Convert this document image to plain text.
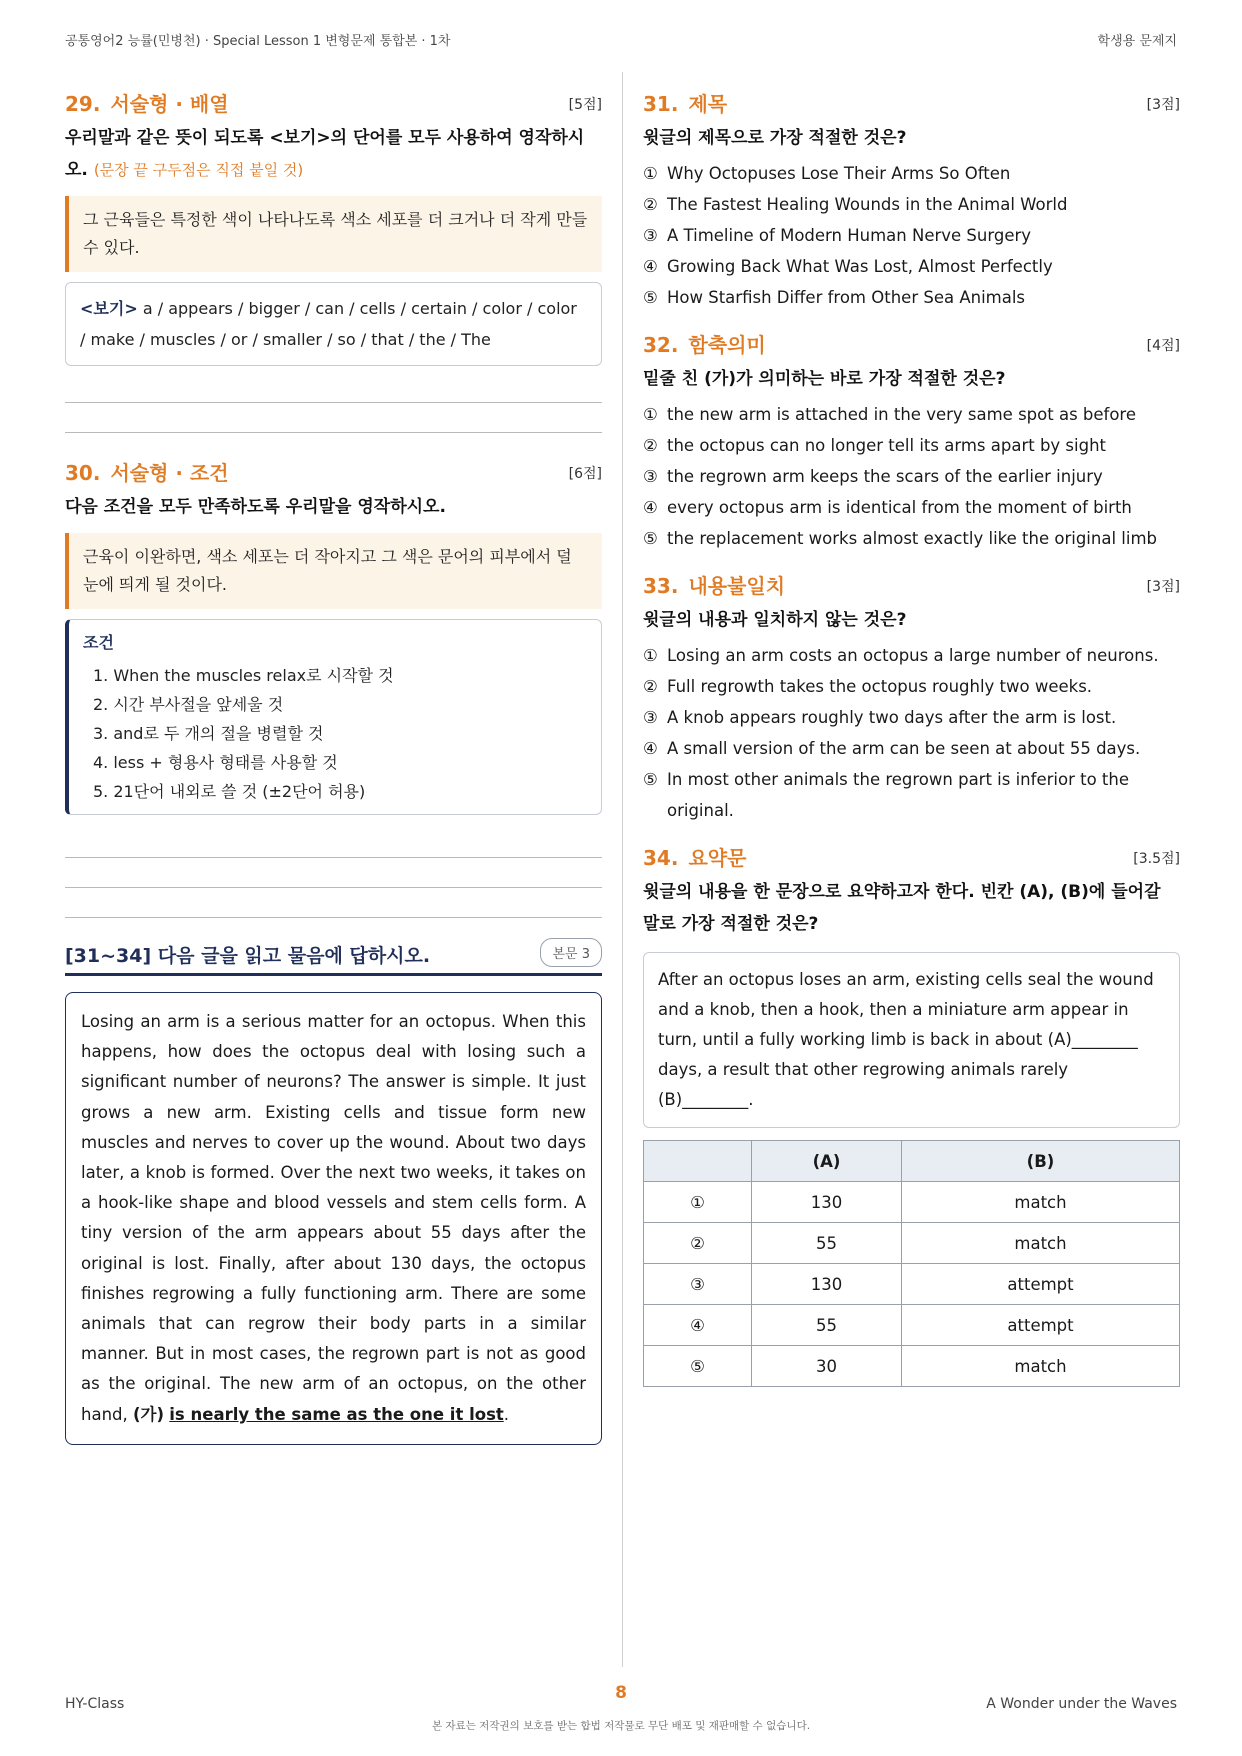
공통영어2 능률(민병천) · Special Lesson 1 변형문제 통합본 · 1차	학생용 문제지
29. 서술형 · 배열	[5점]
우리말과 같은 뜻이 되도록 <보기>의 단어를 모두 사용하여 영작하시오. (문장 끝 구두점은 직접 붙일 것)
그 근육들은 특정한 색이 나타나도록 색소 세포를 더 크거나 더 작게 만들 수 있다.
<보기> a / appears / bigger / can / cells / certain / color / color / make / muscles / or / smaller / so / that / the / The
30. 서술형 · 조건	[6점]
다음 조건을 모두 만족하도록 우리말을 영작하시오.
근육이 이완하면, 색소 세포는 더 작아지고 그 색은 문어의 피부에서 덜 눈에 띄게 될 것이다.
조건
1. When the muscles relax로 시작할 것
2. 시간 부사절을 앞세울 것
3. and로 두 개의 절을 병렬할 것
4. less + 형용사 형태를 사용할 것
5. 21단어 내외로 쓸 것 (±2단어 허용)
[31~34] 다음 글을 읽고 물음에 답하시오.	본문 3
Losing an arm is a serious matter for an octopus. When this happens, how does the octopus deal with losing such a significant number of neurons? The answer is simple. It just grows a new arm. Existing cells and tissue form new muscles and nerves to cover up the wound. About two days later, a knob is formed. Over the next two weeks, it takes on a hook-like shape and blood vessels and stem cells form. A tiny version of the arm appears about 55 days after the original is lost. Finally, after about 130 days, the octopus finishes regrowing a fully functioning arm. There are some animals that can regrow their body parts in a similar manner. But in most cases, the regrown part is not as good as the original. The new arm of an octopus, on the other hand, (가) is nearly the same as the one it lost.
31. 제목	[3점]
윗글의 제목으로 가장 적절한 것은?
① Why Octopuses Lose Their Arms So Often
② The Fastest Healing Wounds in the Animal World
③ A Timeline of Modern Human Nerve Surgery
④ Growing Back What Was Lost, Almost Perfectly
⑤ How Starfish Differ from Other Sea Animals
32. 함축의미	[4점]
밑줄 친 (가)가 의미하는 바로 가장 적절한 것은?
① the new arm is attached in the very same spot as before
② the octopus can no longer tell its arms apart by sight
③ the regrown arm keeps the scars of the earlier injury
④ every octopus arm is identical from the moment of birth
⑤ the replacement works almost exactly like the original limb
33. 내용불일치	[3점]
윗글의 내용과 일치하지 않는 것은?
① Losing an arm costs an octopus a large number of neurons.
② Full regrowth takes the octopus roughly two weeks.
③ A knob appears roughly two days after the arm is lost.
④ A small version of the arm can be seen at about 55 days.
⑤ In most other animals the regrown part is inferior to the original.
34. 요약문	[3.5점]
윗글의 내용을 한 문장으로 요약하고자 한다. 빈칸 (A), (B)에 들어갈 말로 가장 적절한 것은?
After an octopus loses an arm, existing cells seal the wound and a knob, then a hook, then a miniature arm appear in turn, until a fully working limb is back in about (A)________ days, a result that other regrowing animals rarely (B)________.
	(A)	(B)
①	130	match
②	55	match
③	130	attempt
④	55	attempt
⑤	30	match
HY-Class
8
A Wonder under the Waves
본 자료는 저작권의 보호를 받는 합법 저작물로 무단 배포 및 재판매할 수 없습니다.
